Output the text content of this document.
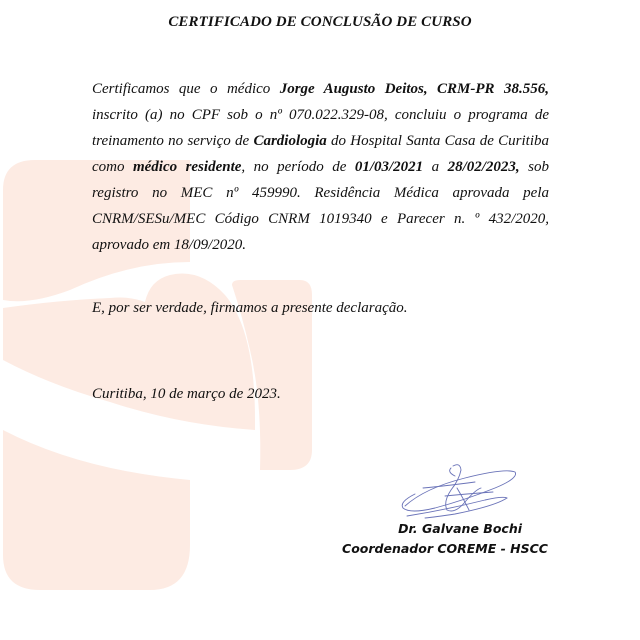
CERTIFICADO DE CONCLUSÃO DE CURSO
Certificamos que o médico Jorge Augusto Deitos, CRM-PR 38.556, inscrito (a) no CPF sob o nº 070.022.329-08, concluiu o programa de treinamento no serviço de Cardiologia do Hospital Santa Casa de Curitiba como médico residente, no período de 01/03/2021 a 28/02/2023, sob registro no MEC nº 459990. Residência Médica aprovada pela CNRM/SESu/MEC Código CNRM 1019340 e Parecer n. º 432/2020, aprovado em 18/09/2020.
E, por ser verdade, firmamos a presente declaração.
Curitiba, 10 de março de 2023.
Dr. Galvane Bochi
Coordenador COREME - HSCC
